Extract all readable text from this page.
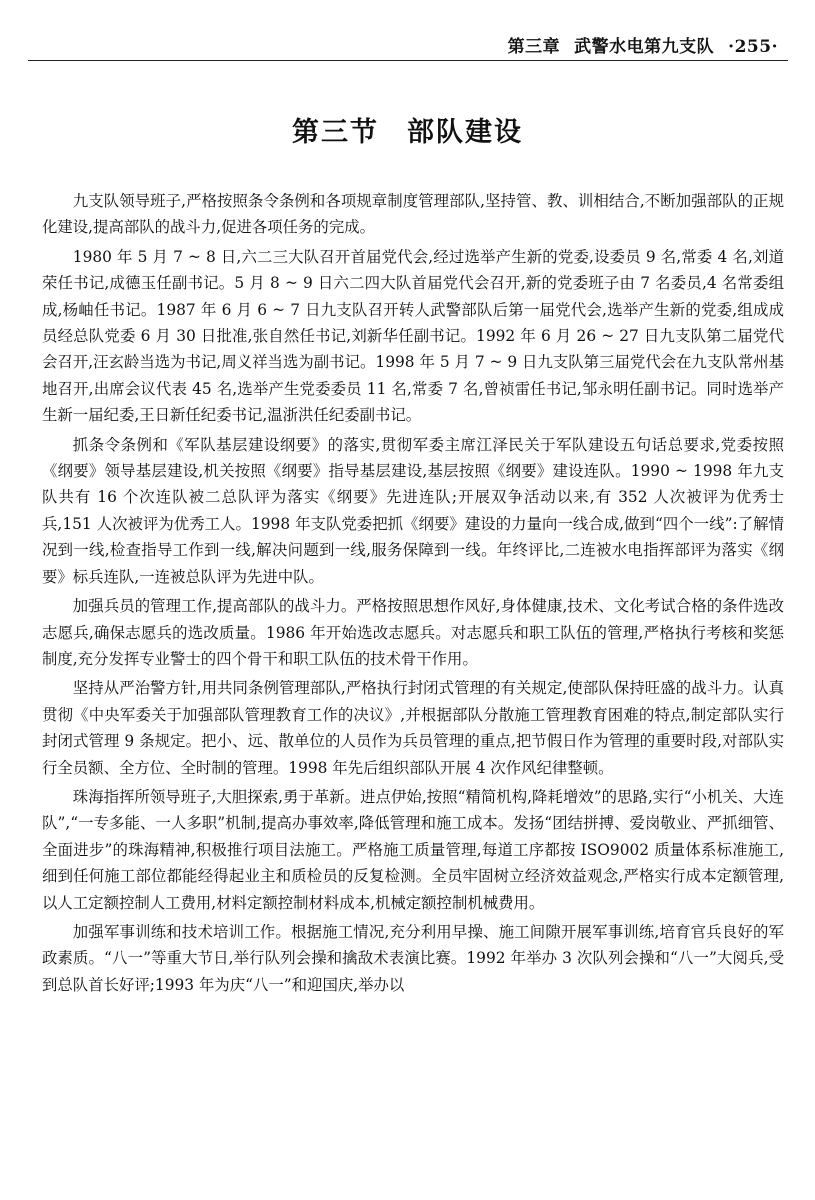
第三章 武警水电第九支队 ·255·
第三节 部队建设

九支队领导班子,严格按照条令条例和各项规章制度管理部队,坚持管、教、训相结合,不断加强部队的正规化建设,提高部队的战斗力,促进各项任务的完成。

1980 年 5 月 7 ~ 8 日,六二三大队召开首届党代会,经过选举产生新的党委,设委员 9 名,常委 4 名,刘道荣任书记,成德玉任副书记。5 月 8 ~ 9 日六二四大队首届党代会召开,新的党委班子由 7 名委员,4 名常委组成,杨岫任书记。1987 年 6 月 6 ~ 7 日九支队召开转人武警部队后第一届党代会,选举产生新的党委,组成成员经总队党委 6 月 30 日批准,张自然任书记,刘新华任副书记。1992 年 6 月 26 ~ 27 日九支队第二届党代会召开,汪玄龄当选为书记,周义祥当选为副书记。1998 年 5 月 7 ~ 9 日九支队第三届党代会在九支队常州基地召开,出席会议代表 45 名,选举产生党委委员 11 名,常委 7 名,曾祯雷任书记,邹永明任副书记。同时选举产生新一届纪委,王日新任纪委书记,温浙洪任纪委副书记。

抓条令条例和《军队基层建设纲要》的落实,贯彻军委主席江泽民关于军队建设五句话总要求,党委按照《纲要》领导基层建设,机关按照《纲要》指导基层建设,基层按照《纲要》建设连队。1990 ~ 1998 年九支队共有 16 个次连队被二总队评为落实《纲要》先进连队;开展双争活动以来,有 352 人次被评为优秀士兵,151 人次被评为优秀工人。1998 年支队党委把抓《纲要》建设的力量向一线合成,做到“四个一线”:了解情况到一线,检查指导工作到一线,解决问题到一线,服务保障到一线。年终评比,二连被水电指挥部评为落实《纲要》标兵连队,一连被总队评为先进中队。

加强兵员的管理工作,提高部队的战斗力。严格按照思想作风好,身体健康,技术、文化考试合格的条件选改志愿兵,确保志愿兵的选改质量。1986 年开始选改志愿兵。对志愿兵和职工队伍的管理,严格执行考核和奖惩制度,充分发挥专业警士的四个骨干和职工队伍的技术骨干作用。

坚持从严治警方针,用共同条例管理部队,严格执行封闭式管理的有关规定,使部队保持旺盛的战斗力。认真贯彻《中央军委关于加强部队管理教育工作的决议》,并根据部队分散施工管理教育困难的特点,制定部队实行封闭式管理 9 条规定。把小、远、散单位的人员作为兵员管理的重点,把节假日作为管理的重要时段,对部队实行全员额、全方位、全时制的管理。1998 年先后组织部队开展 4 次作风纪律整顿。

珠海指挥所领导班子,大胆探索,勇于革新。进点伊始,按照“精简机构,降耗增效”的思路,实行“小机关、大连队”,“一专多能、一人多职”机制,提高办事效率,降低管理和施工成本。发扬“团结拼搏、爱岗敬业、严抓细管、全面进步”的珠海精神,积极推行项目法施工。严格施工质量管理,每道工序都按 ISO9002 质量体系标准施工,细到任何施工部位都能经得起业主和质检员的反复检测。全员牢固树立经济效益观念,严格实行成本定额管理,以人工定额控制人工费用,材料定额控制材料成本,机械定额控制机械费用。

加强军事训练和技术培训工作。根据施工情况,充分利用早操、施工间隙开展军事训练,培育官兵良好的军政素质。“八一”等重大节日,举行队列会操和擒敌术表演比赛。1992 年举办 3 次队列会操和“八一”大阅兵,受到总队首长好评;1993 年为庆“八一”和迎国庆,举办以
